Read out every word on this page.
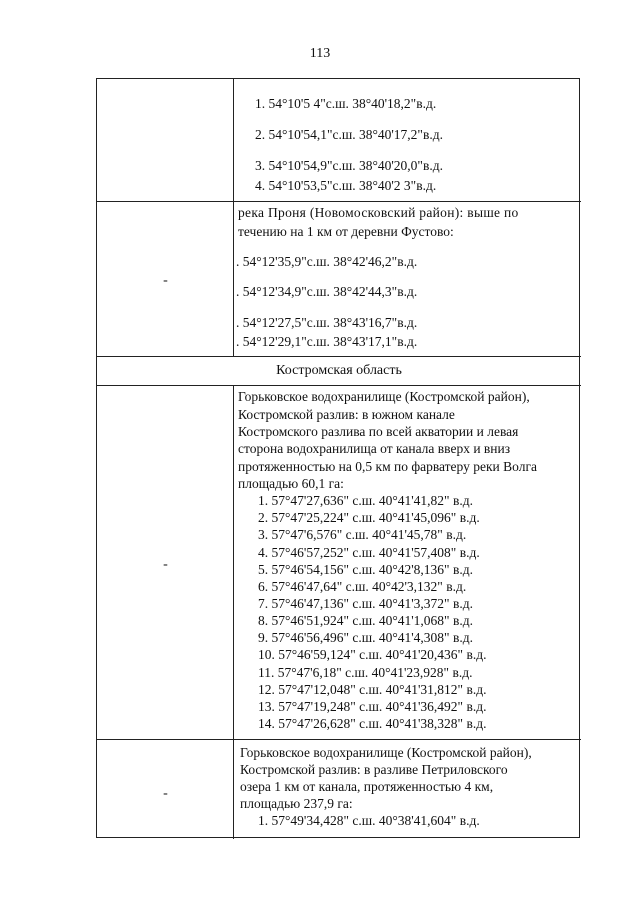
113
1. 54°10'5 4"с.ш. 38°40'18,2"в.д.
2. 54°10'54,1"с.ш. 38°40'17,2"в.д.
3. 54°10'54,9"с.ш. 38°40'20,0"в.д.
4. 54°10'53,5"с.ш. 38°40'2 3"в.д.
-
река Проня (Новомосковский район): выше по
течению на 1 км от деревни Фустово:
. 54°12'35,9"с.ш. 38°42'46,2"в.д.
. 54°12'34,9"с.ш. 38°42'44,3"в.д.
. 54°12'27,5"с.ш. 38°43'16,7"в.д.
. 54°12'29,1"с.ш. 38°43'17,1"в.д.
Костромская область
-
Горьковское водохранилище (Костромской район),
Костромской разлив: в южном канале
Костромского разлива по всей акватории и левая
сторона водохранилища от канала вверх и вниз
протяженностью на 0,5 км по фарватеру реки Волга
площадью 60,1 га:
1. 57°47'27,636" с.ш. 40°41'41,82" в.д.
2. 57°47'25,224" с.ш. 40°41'45,096" в.д.
3. 57°47'6,576" с.ш. 40°41'45,78" в.д.
4. 57°46'57,252" с.ш. 40°41'57,408" в.д.
5. 57°46'54,156" с.ш. 40°42'8,136" в.д.
6. 57°46'47,64" с.ш. 40°42'3,132" в.д.
7. 57°46'47,136" с.ш. 40°41'3,372" в.д.
8. 57°46'51,924" с.ш. 40°41'1,068" в.д.
9. 57°46'56,496" с.ш. 40°41'4,308" в.д.
10. 57°46'59,124" с.ш. 40°41'20,436" в.д.
11. 57°47'6,18" с.ш. 40°41'23,928" в.д.
12. 57°47'12,048" с.ш. 40°41'31,812" в.д.
13. 57°47'19,248" с.ш. 40°41'36,492" в.д.
14. 57°47'26,628" с.ш. 40°41'38,328" в.д.
-
Горьковское водохранилище (Костромской район),
Костромской разлив: в разливе Петриловского
озера 1 км от канала, протяженностью 4 км,
площадью 237,9 га:
1. 57°49'34,428" с.ш. 40°38'41,604" в.д.
